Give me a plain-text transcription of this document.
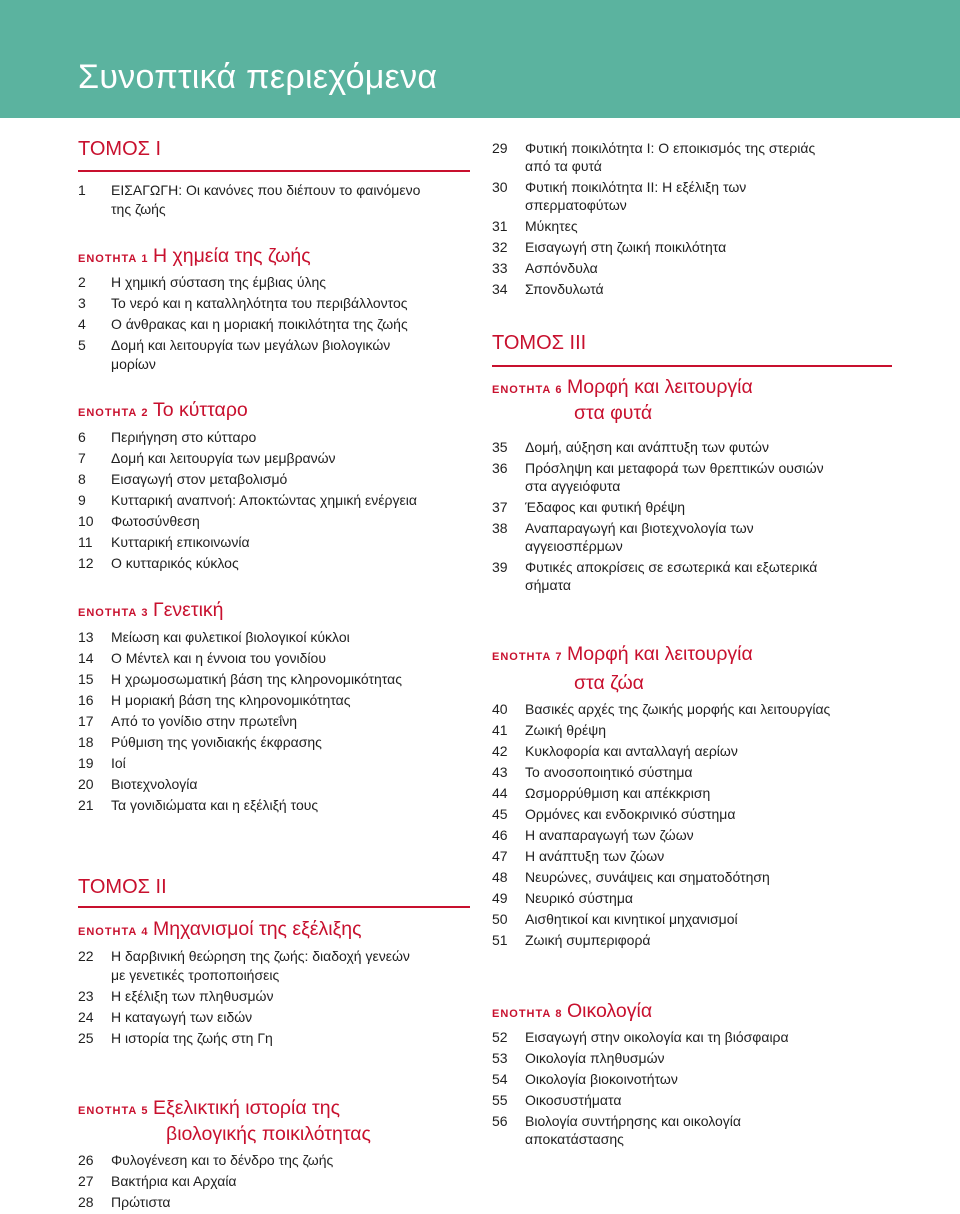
Συνοπτικά περιεχόμενα
ΤΟΜΟΣ Ι
1	ΕΙΣΑΓΩΓΗ: Οι κανόνες που διέπουν το φαινόμενο
της ζωής
ΕΝΟΤΗΤΑ 1 Η χημεία της ζωής
2	Η χημική σύσταση της έμβιας ύλης
3	Το νερό και η καταλληλότητα του περιβάλλοντος
4	Ο άνθρακας και η μοριακή ποικιλότητα της ζωής
5	Δομή και λειτουργία των μεγάλων βιολογικών
μορίων
ΕΝΟΤΗΤΑ 2 Το κύτταρο
6	Περιήγηση στο κύτταρο
7	Δομή και λειτουργία των μεμβρανών
8	Εισαγωγή στον μεταβολισμό
9	Κυτταρική αναπνοή: Αποκτώντας χημική ενέργεια
10	Φωτοσύνθεση
11	Κυτταρική επικοινωνία
12	Ο κυτταρικός κύκλος
ΕΝΟΤΗΤΑ 3 Γενετική
13	Μείωση και φυλετικοί βιολογικοί κύκλοι
14	Ο Μέντελ και η έννοια του γονιδίου
15	Η χρωμοσωματική βάση της κληρονομικότητας
16	Η μοριακή βάση της κληρονομικότητας
17	Από το γονίδιο στην πρωτεΐνη
18	Ρύθμιση της γονιδιακής έκφρασης
19	Ιοί
20	Βιοτεχνολογία
21	Τα γονιδιώματα και η εξέλιξή τους
ΤΟΜΟΣ ΙΙ
ΕΝΟΤΗΤΑ 4 Μηχανισμοί της εξέλιξης
22	Η δαρβινική θεώρηση της ζωής: διαδοχή γενεών
με γενετικές τροποποιήσεις
23	Η εξέλιξη των πληθυσμών
24	Η καταγωγή των ειδών
25	Η ιστορία της ζωής στη Γη
ΕΝΟΤΗΤΑ 5 Εξελικτική ιστορία της
βιολογικής ποικιλότητας
26	Φυλογένεση και το δένδρο της ζωής
27	Βακτήρια και Αρχαία
28	Πρώτιστα
29	Φυτική ποικιλότητα Ι: Ο εποικισμός της στεριάς
από τα φυτά
30	Φυτική ποικιλότητα ΙΙ: Η εξέλιξη των
σπερματοφύτων
31	Μύκητες
32	Εισαγωγή στη ζωική ποικιλότητα
33	Ασπόνδυλα
34	Σπονδυλωτά
ΤΟΜΟΣ ΙΙΙ
ΕΝΟΤΗΤΑ 6 Μορφή και λειτουργία
στα φυτά
35	Δομή, αύξηση και ανάπτυξη των φυτών
36	Πρόσληψη και μεταφορά των θρεπτικών ουσιών
στα αγγειόφυτα
37	Έδαφος και φυτική θρέψη
38	Αναπαραγωγή και βιοτεχνολογία των
αγγειοσπέρμων
39	Φυτικές αποκρίσεις σε εσωτερικά και εξωτερικά
σήματα
ΕΝΟΤΗΤΑ 7 Μορφή και λειτουργία
στα ζώα
40	Βασικές αρχές της ζωικής μορφής και λειτουργίας
41	Ζωική θρέψη
42	Κυκλοφορία και ανταλλαγή αερίων
43	Το ανοσοποιητικό σύστημα
44	Ωσμορρύθμιση και απέκκριση
45	Ορμόνες και ενδοκρινικό σύστημα
46	Η αναπαραγωγή των ζώων
47	Η ανάπτυξη των ζώων
48	Νευρώνες, συνάψεις και σηματοδότηση
49	Νευρικό σύστημα
50	Αισθητικοί και κινητικοί μηχανισμοί
51	Ζωική συμπεριφορά
ΕΝΟΤΗΤΑ 8 Οικολογία
52	Εισαγωγή στην οικολογία και τη βιόσφαιρα
53	Οικολογία πληθυσμών
54	Οικολογία βιοκοινοτήτων
55	Οικοσυστήματα
56	Βιολογία συντήρησης και οικολογία
αποκατάστασης
